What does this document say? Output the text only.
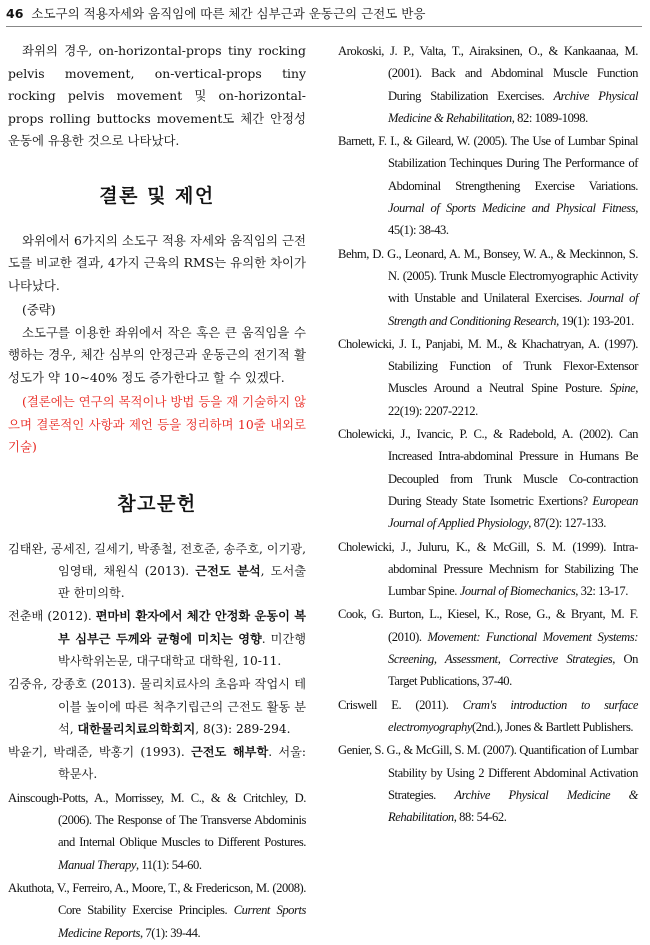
46 소도구의 적용자세와 움직임에 따른 체간 심부근과 운동근의 근전도 반응

좌위의 경우, on-horizontal-props tiny rocking pelvis movement, on-vertical-props tiny rocking pelvis movement 및 on-horizontal-props rolling buttocks movement도 체간 안정성 운동에 유용한 것으로 나타났다.

결론 및 제언

와위에서 6가지의 소도구 적용 자세와 움직임의 근전도를 비교한 결과, 4가지 근육의 RMS는 유의한 차이가 나타났다.

(중략)

소도구를 이용한 좌위에서 작은 혹은 큰 움직임을 수행하는 경우, 체간 심부의 안정근과 운동근의 전기적 활성도가 약 10~40% 정도 증가한다고 할 수 있겠다.

(결론에는 연구의 목적이나 방법 등을 재 기술하지 않으며 결론적인 사항과 제언 등을 정리하며 10줄 내외로 기술)

참고문헌

김태완, 공세진, 길세기, 박종철, 전호준, 송주호, 이기광, 임영태, 채원식 (2013). 근전도 분석, 도서출판 한미의학.

전춘배 (2012). 편마비 환자에서 체간 안정화 운동이 복부 심부근 두께와 균형에 미치는 영향. 미간행 박사학위논문, 대구대학교 대학원, 10-11.

김중유, 강종호 (2013). 물리치료사의 초음파 작업시 테이블 높이에 따른 척추기립근의 근전도 활동 분석, 대한물리치료의학회지, 8(3): 289-294.

박윤기, 박래준, 박홍기 (1993). 근전도 해부학. 서울: 학문사.

Ainscough-Potts, A., Morrissey, M. C., & & Critchley, D. (2006). The Response of The Transverse Abdominis and Internal Oblique Muscles to Different Postures. Manual Therapy, 11(1): 54-60.

Akuthota, V., Ferreiro, A., Moore, T., & Fredericson, M. (2008). Core Stability Exercise Principles. Current Sports Medicine Reports, 7(1): 39-44.

Arokoski, J. P., Valta, T., Airaksinen, O., & Kankaanaa, M. (2001). Back and Abdominal Muscle Function During Stabilization Exercises. Archive Physical Medicine & Rehabilitation, 82: 1089-1098.

Barnett, F. I., & Gileard, W. (2005). The Use of Lumbar Spinal Stabilization Techinques During The Performance of Abdominal Strengthening Exercise Variations. Journal of Sports Medicine and Physical Fitness, 45(1): 38-43.

Behm, D. G., Leonard, A. M., Bonsey, W. A., & Meckinnon, S. N. (2005). Trunk Muscle Electromyographic Activity with Unstable and Unilateral Exercises. Journal of Strength and Conditioning Research, 19(1): 193-201.

Cholewicki, J. I., Panjabi, M. M., & Khachatryan, A. (1997). Stabilizing Function of Trunk Flexor-Extensor Muscles Around a Neutral Spine Posture. Spine, 22(19): 2207-2212.

Cholewicki, J., Ivancic, P. C., & Radebold, A. (2002). Can Increased Intra-abdominal Pressure in Humans Be Decoupled from Trunk Muscle Co-contraction During Steady State Isometric Exertions? European Journal of Applied Physiology, 87(2): 127-133.

Cholewicki, J., Juluru, K., & McGill, S. M. (1999). Intra-abdominal Pressure Mechnism for Stabilizing The Lumbar Spine. Journal of Biomechanics, 32: 13-17.

Cook, G. Burton, L., Kiesel, K., Rose, G., & Bryant, M. F. (2010). Movement: Functional Movement Systems: Screening, Assessment, Corrective Strategies, On Target Publications, 37-40.

Criswell E. (2011). Cram's introduction to surface electromyography(2nd.), Jones & Bartlett Publishers.

Genier, S. G., & McGill, S. M. (2007). Quantification of Lumbar Stability by Using 2 Different Abdominal Activation Strategies. Archive Physical Medicine & Rehabilitation, 88: 54-62.
